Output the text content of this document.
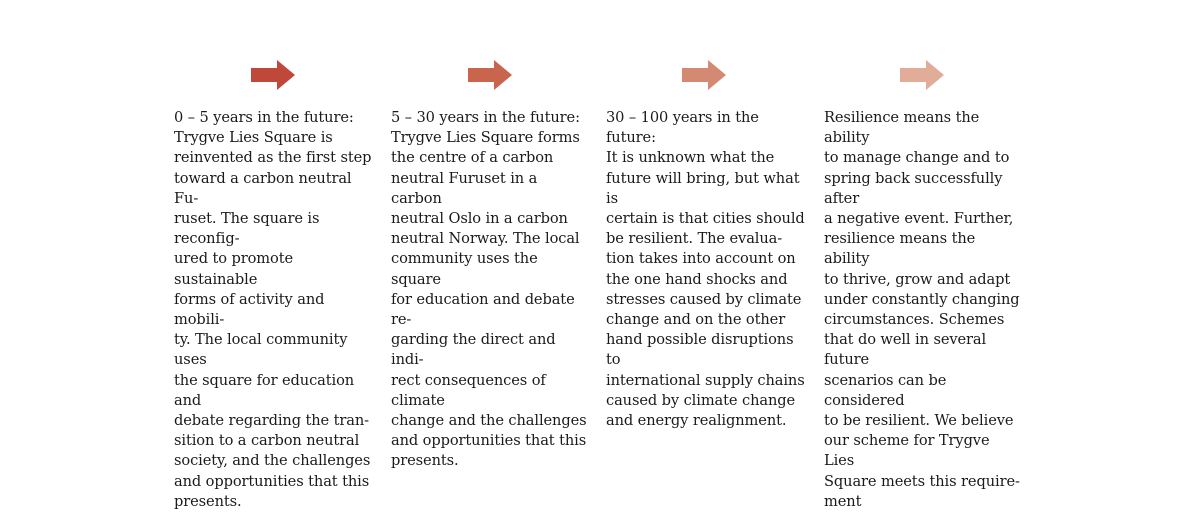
0 – 5 years in the future:
Trygve Lies Square is
reinvented as the first step
toward a carbon neutral Fu-
ruset. The square is reconfig-
ured to promote sustainable
forms of activity and mobili-
ty. The local community uses
the square for education and
debate regarding the tran-
sition to a carbon neutral
society, and the challenges
and opportunities that this
presents.
5 – 30 years in the future:
Trygve Lies Square forms
the centre of a carbon
neutral Furuset in a carbon
neutral Oslo in a carbon
neutral Norway. The local
community uses the square
for education and debate re-
garding the direct and indi-
rect consequences of climate
change and the challenges
and opportunities that this
presents.
30 – 100 years in the future:
It is unknown what the
future will bring, but what is
certain is that cities should
be resilient. The evalua-
tion takes into account on
the one hand shocks and
stresses caused by climate
change and on the other
hand possible disruptions to
international supply chains
caused by climate change
and energy realignment.
Resilience means the ability
to manage change and to
spring back successfully after
a negative event. Further,
resilience means the ability
to thrive, grow and adapt
under constantly changing
circumstances. Schemes
that do well in several future
scenarios can be considered
to be resilient. We believe
our scheme for Trygve Lies
Square meets this require-
ment
